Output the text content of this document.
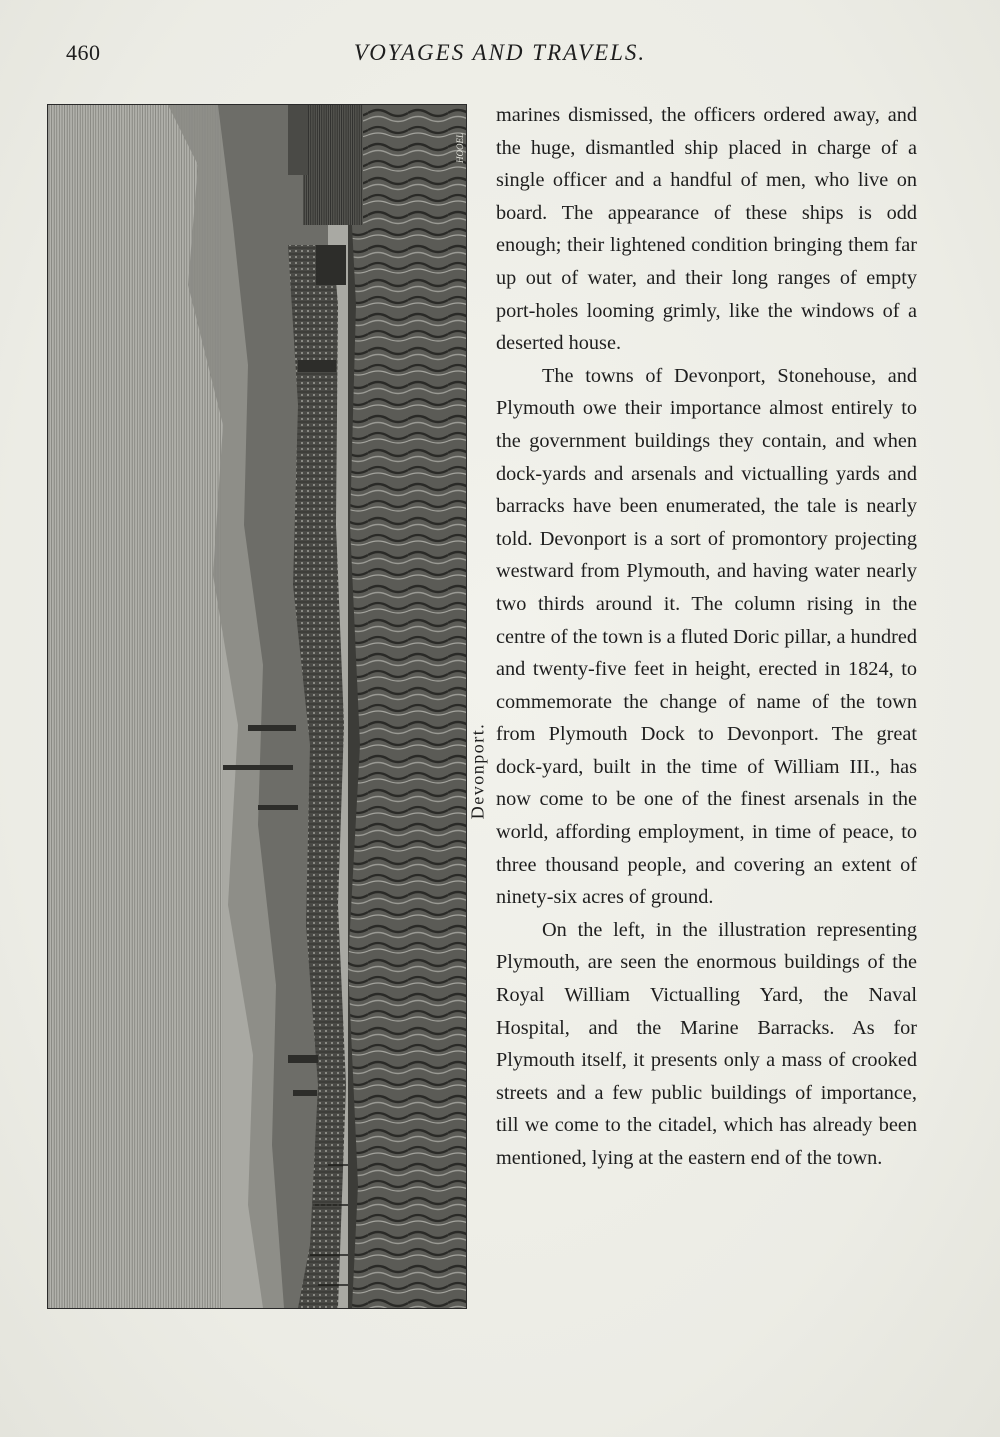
460	VOYAGES AND TRAVELS.
HOOEL
Devonport.

marines dismissed, the officers ordered away, and the huge, dismantled ship placed in charge of a single officer and a handful of men, who live on board. The appearance of these ships is odd enough; their lightened condition bringing them far up out of water, and their long ranges of empty port-holes looming grimly, like the windows of a deserted house.

The towns of Devonport, Stonehouse, and Plymouth owe their importance almost entirely to the government buildings they contain, and when dock-yards and arsenals and victualling yards and barracks have been enumerated, the tale is nearly told. Devonport is a sort of promontory projecting westward from Plymouth, and having water nearly two thirds around it. The column rising in the centre of the town is a fluted Doric pillar, a hundred and twenty-five feet in height, erected in 1824, to commemorate the change of name of the town from Plymouth Dock to Devonport. The great dock-yard, built in the time of William III., has now come to be one of the finest arsenals in the world, affording employment, in time of peace, to three thousand people, and covering an extent of ninety-six acres of ground.

On the left, in the illustration representing Plymouth, are seen the enormous buildings of the Royal William Victualling Yard, the Naval Hospital, and the Marine Barracks. As for Plymouth itself, it presents only a mass of crooked streets and a few public buildings of importance, till we come to the citadel, which has already been mentioned, lying at the eastern end of the town.
